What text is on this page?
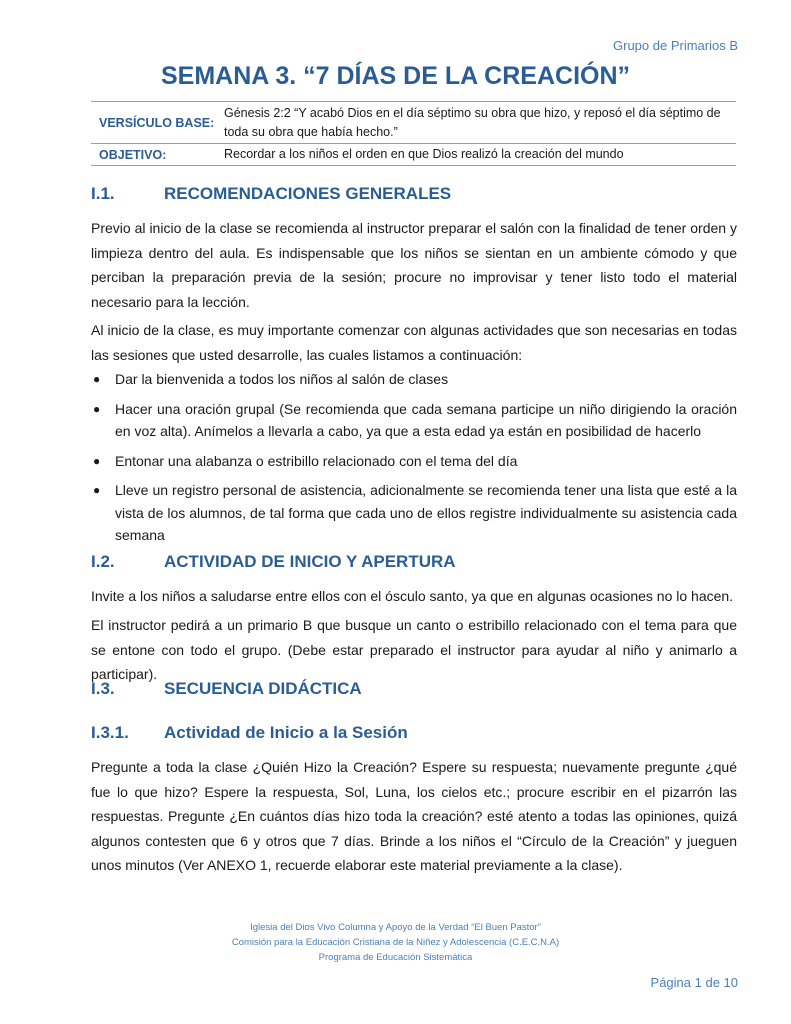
Grupo de Primarios B
SEMANA 3. “7 DÍAS DE LA CREACIÓN”
VERSÍCULO BASE:	Génesis 2:2 “Y acabó Dios en el día séptimo su obra que hizo, y reposó el día séptimo de toda su obra que había hecho.”
OBJETIVO:	Recordar a los niños el orden en que Dios realizó la creación del mundo
I.1.	RECOMENDACIONES GENERALES

Previo al inicio de la clase se recomienda al instructor preparar el salón con la finalidad de tener orden y limpieza dentro del aula. Es indispensable que los niños se sientan en un ambiente cómodo y que perciban la preparación previa de la sesión; procure no improvisar y tener listo todo el material necesario para la lección.

Al inicio de la clase, es muy importante comenzar con algunas actividades que son necesarias en todas las sesiones que usted desarrolle, las cuales listamos a continuación:

● Dar la bienvenida a todos los niños al salón de clases
● Hacer una oración grupal (Se recomienda que cada semana participe un niño dirigiendo la oración en voz alta). Anímelos a llevarla a cabo, ya que a esta edad ya están en posibilidad de hacerlo
● Entonar una alabanza o estribillo relacionado con el tema del día
● Lleve un registro personal de asistencia, adicionalmente se recomienda tener una lista que esté a la vista de los alumnos, de tal forma que cada uno de ellos registre individualmente su asistencia cada semana
I.2.	ACTIVIDAD DE INICIO Y APERTURA

Invite a los niños a saludarse entre ellos con el ósculo santo, ya que en algunas ocasiones no lo hacen.

El instructor pedirá a un primario B que busque un canto o estribillo relacionado con el tema para que se entone con todo el grupo. (Debe estar preparado el instructor para ayudar al niño y animarlo a participar).

I.3.	SECUENCIA DIDÁCTICA
I.3.1. Actividad de Inicio a la Sesión

Pregunte a toda la clase ¿Quién Hizo la Creación? Espere su respuesta; nuevamente pregunte ¿qué fue lo que hizo? Espere la respuesta, Sol, Luna, los cielos etc.; procure escribir en el pizarrón las respuestas. Pregunte ¿En cuántos días hizo toda la creación? esté atento a todas las opiniones, quizá algunos contesten que 6 y otros que 7 días. Brinde a los niños el “Círculo de la Creación” y jueguen unos minutos (Ver ANEXO 1, recuerde elaborar este material previamente a la clase).

Iglesia del Dios Vivo Columna y Apoyo de la Verdad “El Buen Pastor”
Comisión para la Educación Cristiana de la Niñez y Adolescencia (C.E.C.N.A)
Programa de Educación Sistemática
Página 1 de 10
